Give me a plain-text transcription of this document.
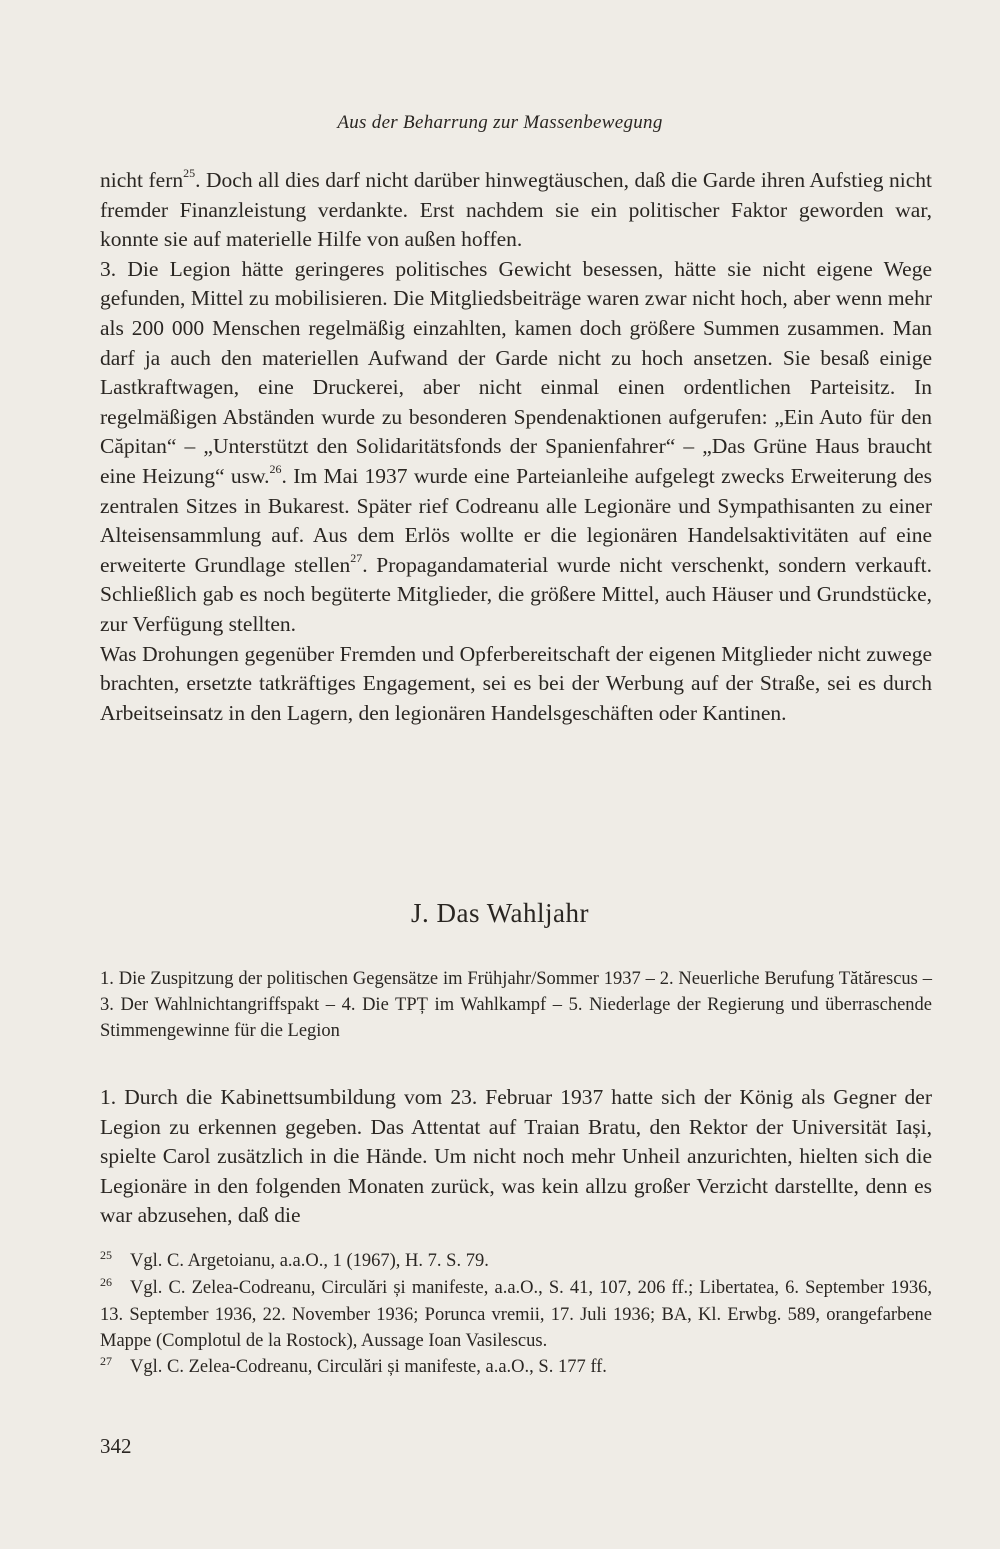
Aus der Beharrung zur Massenbewegung

nicht fern$^{25}$. Doch all dies darf nicht darüber hinwegtäuschen, daß die Garde ihren Aufstieg nicht fremder Finanzleistung verdankte. Erst nachdem sie ein politischer Faktor geworden war, konnte sie auf materielle Hilfe von außen hoffen.

3. Die Legion hätte geringeres politisches Gewicht besessen, hätte sie nicht eigene Wege gefunden, Mittel zu mobilisieren. Die Mitgliedsbeiträge waren zwar nicht hoch, aber wenn mehr als 200 000 Menschen regelmäßig einzahlten, kamen doch größere Summen zusammen. Man darf ja auch den materiellen Aufwand der Garde nicht zu hoch ansetzen. Sie besaß einige Lastkraftwagen, eine Druckerei, aber nicht einmal einen ordentlichen Parteisitz. In regelmäßigen Abständen wurde zu besonderen Spendenaktionen aufgerufen: „Ein Auto für den Căpitan“ – „Unterstützt den Solidaritätsfonds der Spanienfahrer“ – „Das Grüne Haus braucht eine Heizung“ usw.$^{26}$. Im Mai 1937 wurde eine Parteianleihe aufgelegt zwecks Erweiterung des zentralen Sitzes in Bukarest. Später rief Codreanu alle Legionäre und Sympathisanten zu einer Alteisensammlung auf. Aus dem Erlös wollte er die legionären Handelsaktivitäten auf eine erweiterte Grundlage stellen$^{27}$. Propagandamaterial wurde nicht verschenkt, sondern verkauft. Schließlich gab es noch begüterte Mitglieder, die größere Mittel, auch Häuser und Grundstücke, zur Verfügung stellten.

Was Drohungen gegenüber Fremden und Opferbereitschaft der eigenen Mitglieder nicht zuwege brachten, ersetzte tatkräftiges Engagement, sei es bei der Werbung auf der Straße, sei es durch Arbeitseinsatz in den Lagern, den legionären Handelsgeschäften oder Kantinen.

J. Das Wahljahr
1. Die Zuspitzung der politischen Gegensätze im Frühjahr/Sommer 1937 – 2. Neuerliche Berufung Tătărescus – 3. Der Wahlnichtangriffspakt – 4. Die TPȚ im Wahlkampf – 5. Niederlage der Regierung und überraschende Stimmengewinne für die Legion
1. Durch die Kabinettsumbildung vom 23. Februar 1937 hatte sich der König als Gegner der Legion zu erkennen gegeben. Das Attentat auf Traian Bratu, den Rektor der Universität Iași, spielte Carol zusätzlich in die Hände. Um nicht noch mehr Unheil anzurichten, hielten sich die Legionäre in den folgenden Monaten zurück, was kein allzu großer Verzicht darstellte, denn es war abzusehen, daß die

25 Vgl. C. Argetoianu, a.a.O., 1 (1967), H. 7. S. 79.

26 Vgl. C. Zelea-Codreanu, Circulări și manifeste, a.a.O., S. 41, 107, 206 ff.; Libertatea, 6. September 1936, 13. September 1936, 22. November 1936; Porunca vremii, 17. Juli 1936; BA, Kl. Erwbg. 589, orangefarbene Mappe (Complotul de la Rostock), Aussage Ioan Vasilescus.

27 Vgl. C. Zelea-Codreanu, Circulări și manifeste, a.a.O., S. 177 ff.

342
